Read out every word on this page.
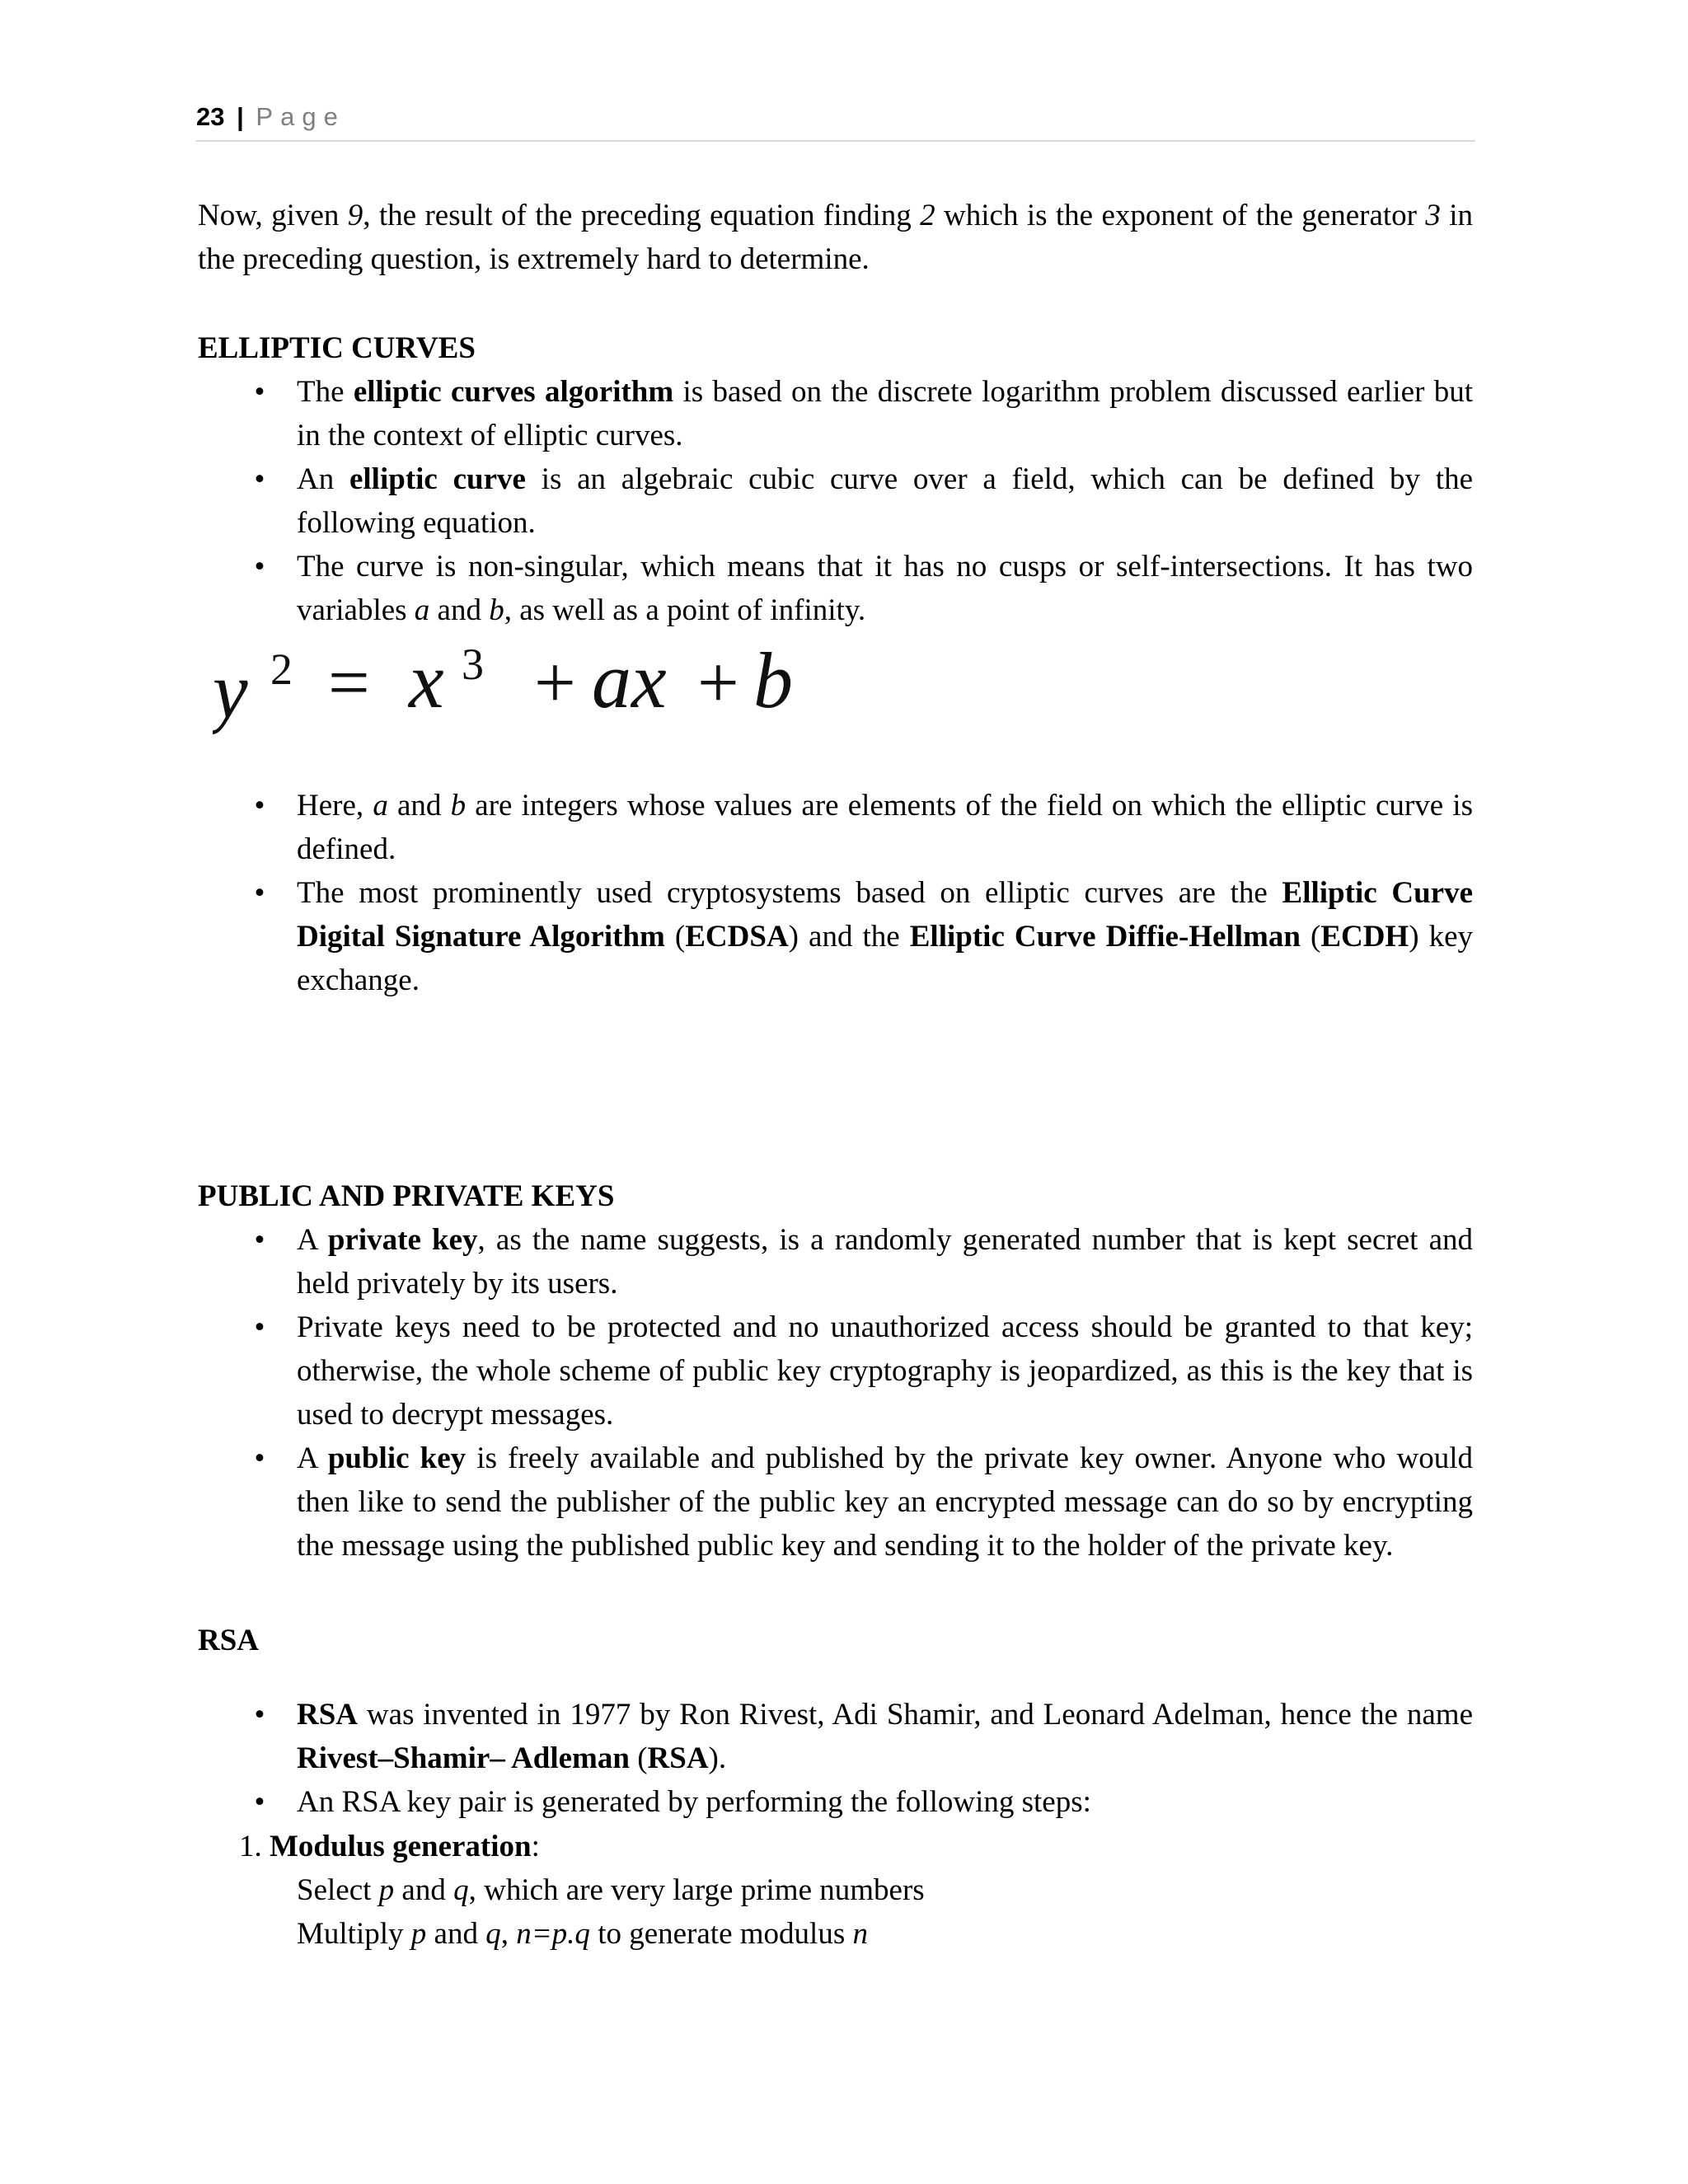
23 | Page
Now, given 9, the result of the preceding equation finding 2 which is the exponent of the generator 3 in the preceding question, is extremely hard to determine.
ELLIPTIC CURVES
• The elliptic curves algorithm is based on the discrete logarithm problem discussed earlier but in the context of elliptic curves.
• An elliptic curve is an algebraic cubic curve over a field, which can be defined by the following equation.
• The curve is non-singular, which means that it has no cusps or self-intersections. It has two variables a and b, as well as a point of infinity.
y 2 = x 3 + ax + b
• Here, a and b are integers whose values are elements of the field on which the elliptic curve is defined.
• The most prominently used cryptosystems based on elliptic curves are the Elliptic Curve Digital Signature Algorithm (ECDSA) and the Elliptic Curve Diffie-Hellman (ECDH) key exchange.
PUBLIC AND PRIVATE KEYS
• A private key, as the name suggests, is a randomly generated number that is kept secret and held privately by its users.
• Private keys need to be protected and no unauthorized access should be granted to that key; otherwise, the whole scheme of public key cryptography is jeopardized, as this is the key that is used to decrypt messages.
• A public key is freely available and published by the private key owner. Anyone who would then like to send the publisher of the public key an encrypted message can do so by encrypting the message using the published public key and sending it to the holder of the private key.
RSA
• RSA was invented in 1977 by Ron Rivest, Adi Shamir, and Leonard Adelman, hence the name Rivest–Shamir– Adleman (RSA).
• An RSA key pair is generated by performing the following steps:
1. Modulus generation:
Select p and q, which are very large prime numbers
Multiply p and q, n=p.q to generate modulus n
